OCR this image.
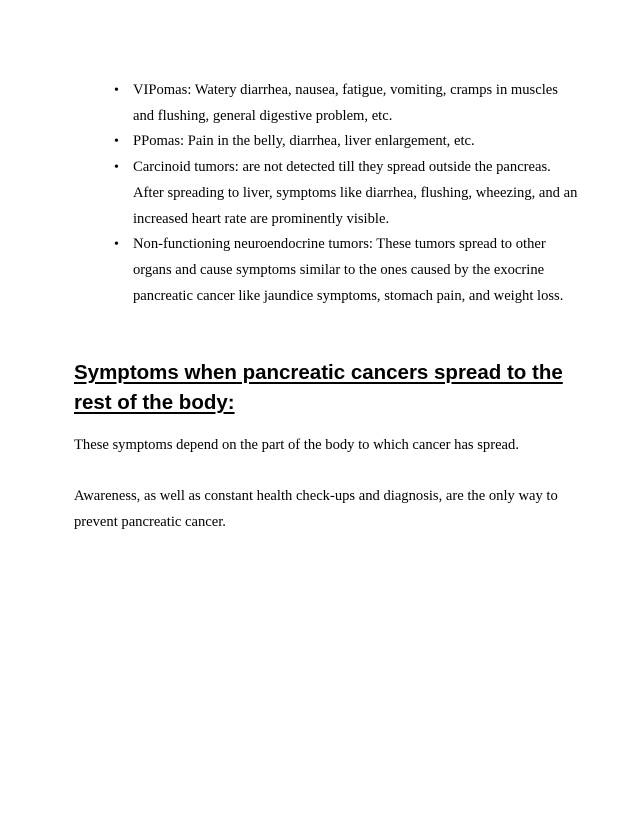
• VIPomas: Watery diarrhea, nausea, fatigue, vomiting, cramps in muscles and flushing, general digestive problem, etc.
• PPomas: Pain in the belly, diarrhea, liver enlargement, etc.
• Carcinoid tumors: are not detected till they spread outside the pancreas. After spreading to liver, symptoms like diarrhea, flushing, wheezing, and an increased heart rate are prominently visible.
• Non-functioning neuroendocrine tumors: These tumors spread to other organs and cause symptoms similar to the ones caused by the exocrine pancreatic cancer like jaundice symptoms, stomach pain, and weight loss.
Symptoms when pancreatic cancers spread to the rest of the body:

These symptoms depend on the part of the body to which cancer has spread.

Awareness, as well as constant health check-ups and diagnosis, are the only way to prevent pancreatic cancer.
